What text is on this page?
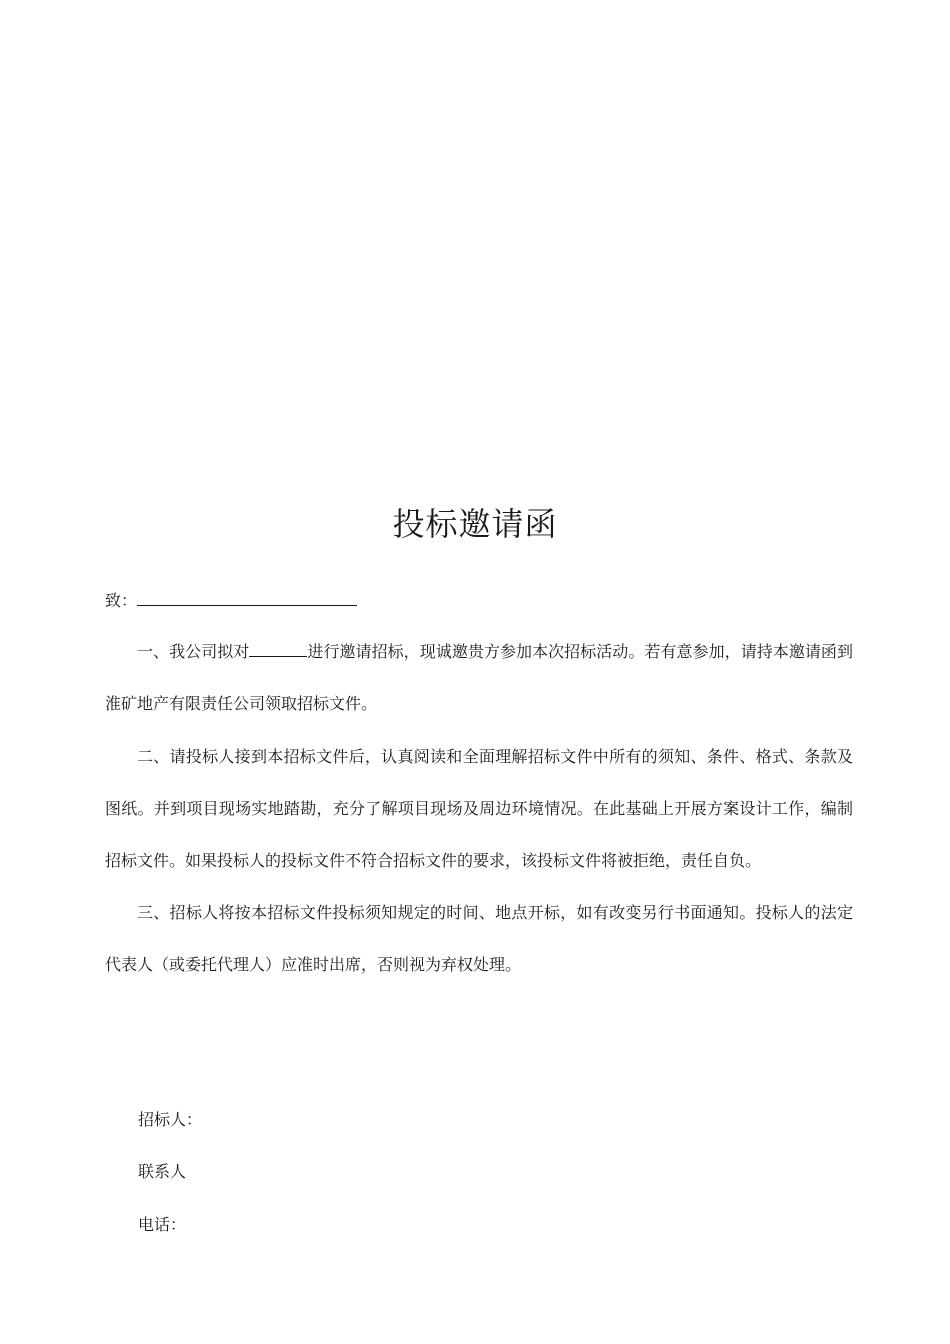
投标邀请函
致：
一、我公司拟对	进行邀请招标，现诚邀贵方参加本次招标活动。若有意参加，请持本邀请函到淮矿地产有限责任公司领取招标文件。
二、请投标人接到本招标文件后，认真阅读和全面理解招标文件中所有的须知、条件、格式、条款及图纸。并到项目现场实地踏勘，充分了解项目现场及周边环境情况。在此基础上开展方案设计工作，编制招标文件。如果投标人的投标文件不符合招标文件的要求，该投标文件将被拒绝，责任自负。
三、招标人将按本招标文件投标须知规定的时间、地点开标，如有改变另行书面通知。投标人的法定代表人（或委托代理人）应准时出席，否则视为弃权处理。
招标人：
联系人
电话：
